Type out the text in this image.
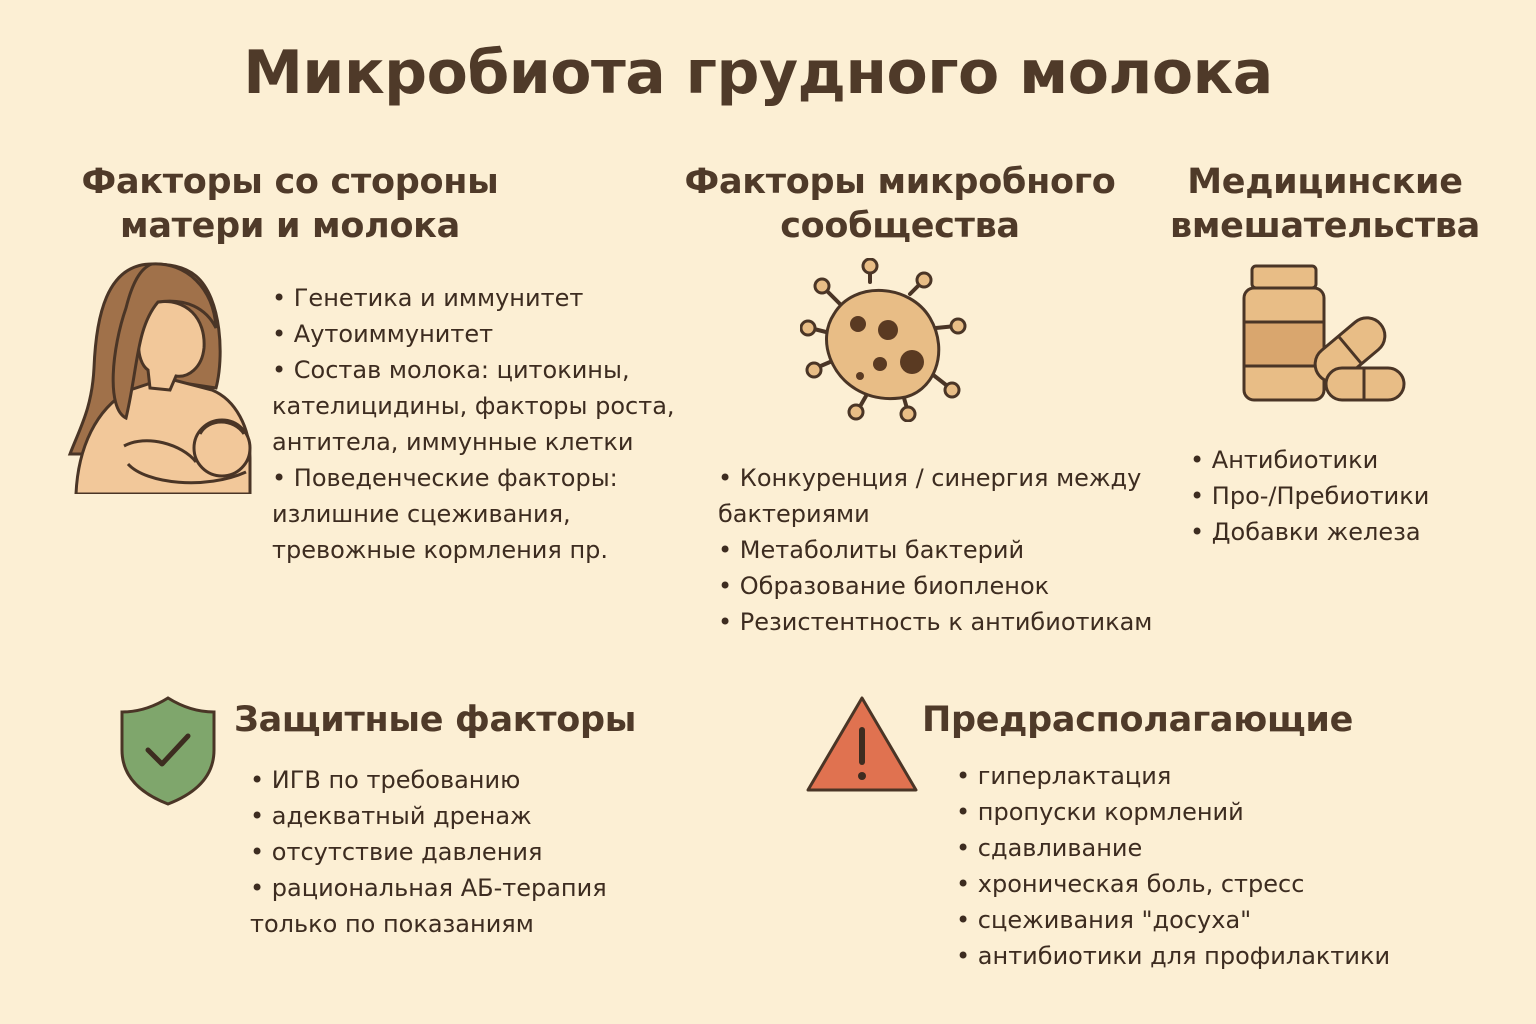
Микробиота грудного молока
Факторы со стороны
матери и молока
• Генетика и иммунитет
• Аутоиммунитет
• Состав молока: цитокины,
кателицидины, факторы роста,
антитела, иммунные клетки
• Поведенческие факторы:
излишние сцеживания,
тревожные кормления пр.
Факторы микробного
сообщества
• Конкуренция / синергия между
бактериями
• Метаболиты бактерий
• Образование биопленок
• Резистентность к антибиотикам
Медицинские
вмешательства
• Антибиотики
• Про-/Пребиотики
• Добавки железа
Защитные факторы
• ИГВ по требованию
• адекватный дренаж
• отсутствие давления
• рациональная АБ-терапия
только по показаниям
Предрасполагающие
• гиперлактация
• пропуски кормлений
• сдавливание
• хроническая боль, стресс
• сцеживания "досуха"
• антибиотики для профилактики
